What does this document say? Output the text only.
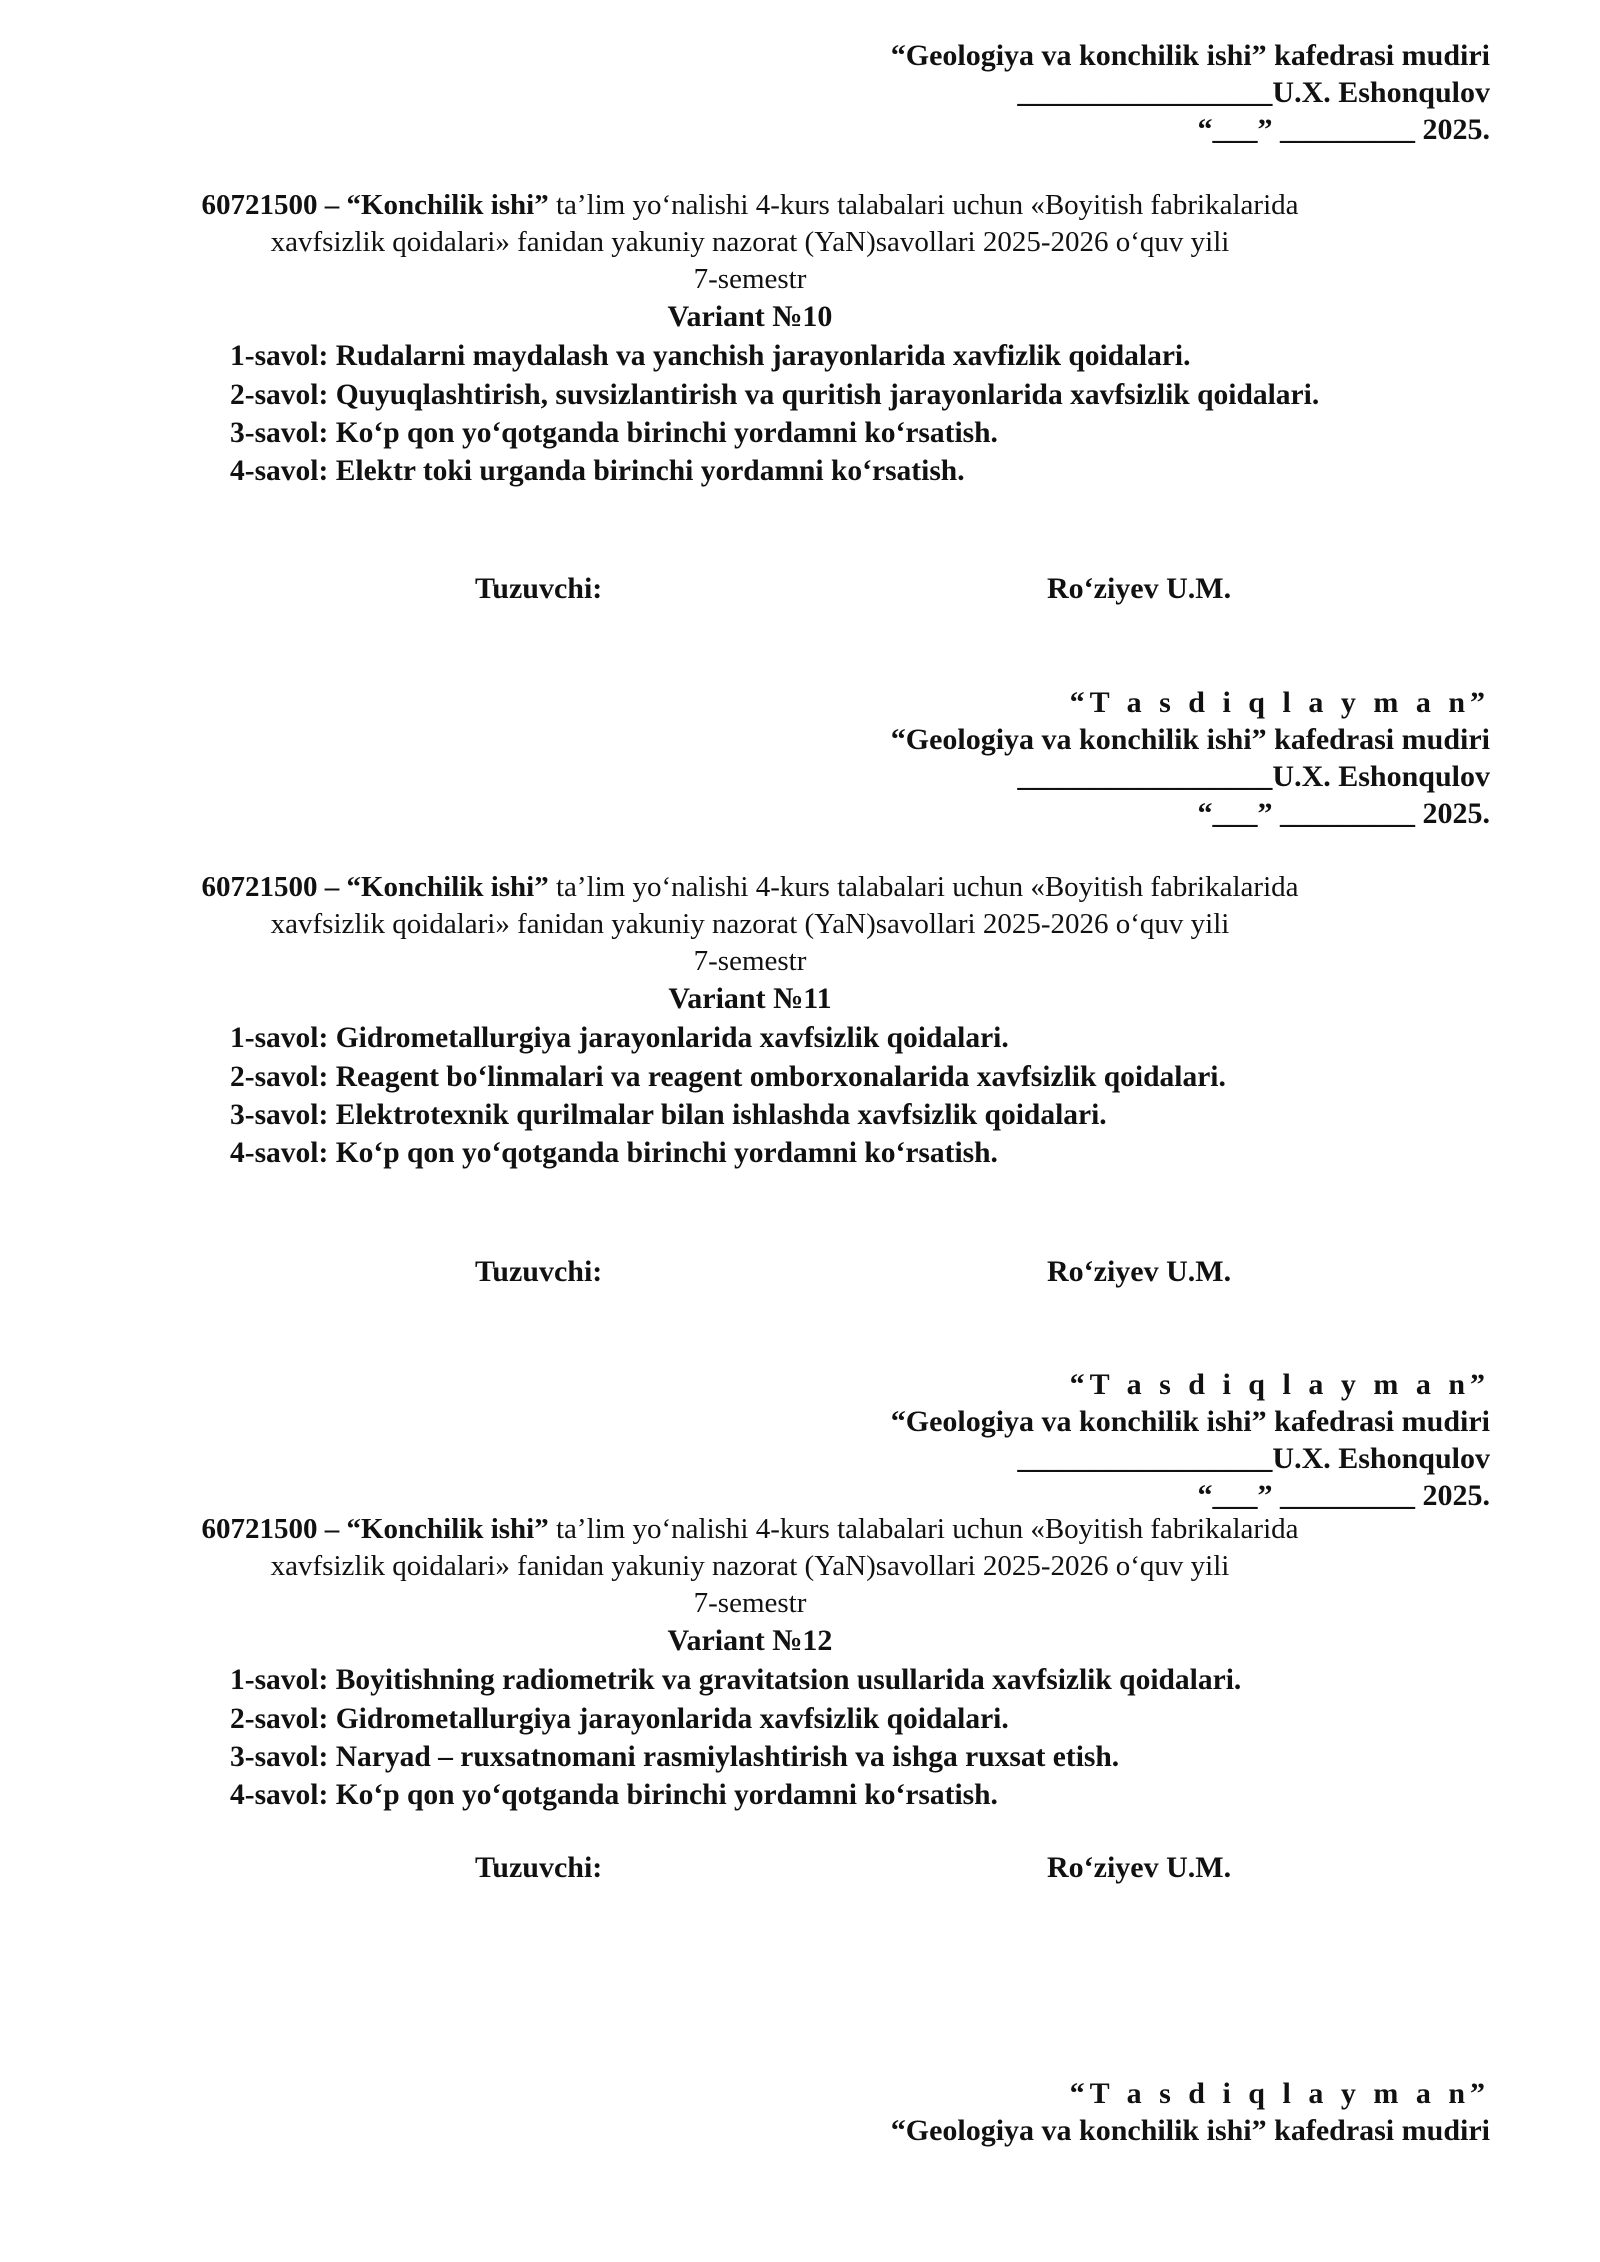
“Geologiya va konchilik ishi” kafedrasi mudiri
_________________U.X. Eshonqulov
“___” _________ 2025.
60721500 – “Konchilik ishi” ta’lim yo‘nalishi 4-kurs talabalari uchun «Boyitish fabrikalarida
xavfsizlik qoidalari» fanidan yakuniy nazorat (YaN)savollari 2025-2026 o‘quv yili
7-semestr
Variant №10
1-savol: Rudalarni maydalash va yanchish jarayonlarida xavfizlik qoidalari.
2-savol: Quyuqlashtirish, suvsizlantirish va quritish jarayonlarida xavfsizlik qoidalari.
3-savol: Ko‘p qon yo‘qotganda birinchi yordamni ko‘rsatish.
4-savol: Elektr toki urganda birinchi yordamni ko‘rsatish.
Tuzuvchi:	Ro‘ziyev U.M.
“T a s d i q l a y m a n”
“Geologiya va konchilik ishi” kafedrasi mudiri
_________________U.X. Eshonqulov
“___” _________ 2025.
60721500 – “Konchilik ishi” ta’lim yo‘nalishi 4-kurs talabalari uchun «Boyitish fabrikalarida
xavfsizlik qoidalari» fanidan yakuniy nazorat (YaN)savollari 2025-2026 o‘quv yili
7-semestr
Variant №11
1-savol: Gidrometallurgiya jarayonlarida xavfsizlik qoidalari.
2-savol: Reagent bo‘linmalari va reagent omborxonalarida xavfsizlik qoidalari.
3-savol: Elektrotexnik qurilmalar bilan ishlashda xavfsizlik qoidalari.
4-savol: Ko‘p qon yo‘qotganda birinchi yordamni ko‘rsatish.
Tuzuvchi:	Ro‘ziyev U.M.
“T a s d i q l a y m a n”
“Geologiya va konchilik ishi” kafedrasi mudiri
_________________U.X. Eshonqulov
“___” _________ 2025.
60721500 – “Konchilik ishi” ta’lim yo‘nalishi 4-kurs talabalari uchun «Boyitish fabrikalarida
xavfsizlik qoidalari» fanidan yakuniy nazorat (YaN)savollari 2025-2026 o‘quv yili
7-semestr
Variant №12
1-savol: Boyitishning radiometrik va gravitatsion usullarida xavfsizlik qoidalari.
2-savol: Gidrometallurgiya jarayonlarida xavfsizlik qoidalari.
3-savol: Naryad – ruxsatnomani rasmiylashtirish va ishga ruxsat etish.
4-savol: Ko‘p qon yo‘qotganda birinchi yordamni ko‘rsatish.
Tuzuvchi:	Ro‘ziyev U.M.
“T a s d i q l a y m a n”
“Geologiya va konchilik ishi” kafedrasi mudiri
